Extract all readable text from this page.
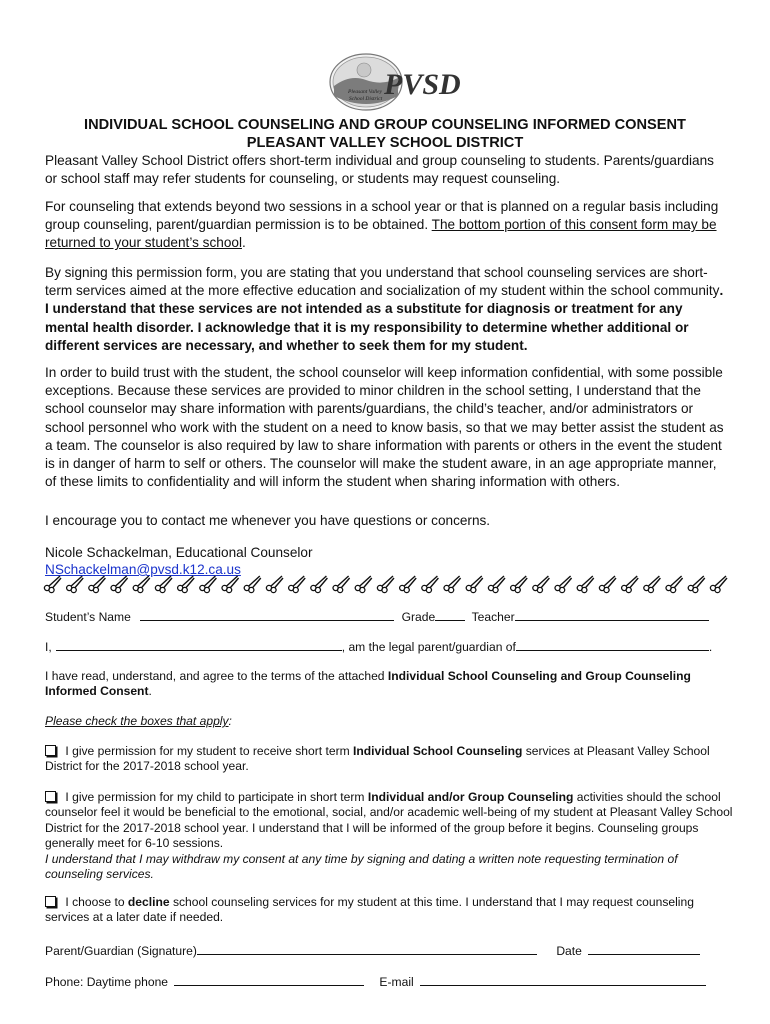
Pleasant Valley
School District PVSD
INDIVIDUAL SCHOOL COUNSELING AND GROUP COUNSELING INFORMED CONSENT
PLEASANT VALLEY SCHOOL DISTRICT
Pleasant Valley School District offers short-term individual and group counseling to students. Parents/guardians or school staff may refer students for counseling, or students may request counseling.
For counseling that extends beyond two sessions in a school year or that is planned on a regular basis including group counseling, parent/guardian permission is to be obtained. The bottom portion of this consent form may be returned to your student’s school.
By signing this permission form, you are stating that you understand that school counseling services are short-term services aimed at the more effective education and socialization of my student within the school community. I understand that these services are not intended as a substitute for diagnosis or treatment for any mental health disorder. I acknowledge that it is my responsibility to determine whether additional or different services are necessary, and whether to seek them for my student.
In order to build trust with the student, the school counselor will keep information confidential, with some possible exceptions. Because these services are provided to minor children in the school setting, I understand that the school counselor may share information with parents/guardians, the child’s teacher, and/or administrators or school personnel who work with the student on a need to know basis, so that we may better assist the student as a team. The counselor is also required by law to share information with parents or others in the event the student is in danger of harm to self or others. The counselor will make the student aware, in an age appropriate manner, of these limits to confidentiality and will inform the student when sharing information with others.
I encourage you to contact me whenever you have questions or concerns.
Nicole Schackelman, Educational Counselor
NSchackelman@pvsd.k12.ca.us
Student’s Name	Grade	Teacher
I,	, am the legal parent/guardian of	.
I have read, understand, and agree to the terms of the attached Individual School Counseling and Group Counseling Informed Consent.
Please check the boxes that apply:
I give permission for my student to receive short term Individual School Counseling services at Pleasant Valley School District for the 2017-2018 school year.
I give permission for my child to participate in short term Individual and/or Group Counseling activities should the school counselor feel it would be beneficial to the emotional, social, and/or academic well-being of my student at Pleasant Valley School District for the 2017-2018 school year. I understand that I will be informed of the group before it begins. Counseling groups generally meet for 6-10 sessions.
I understand that I may withdraw my consent at any time by signing and dating a written note requesting termination of counseling services.
I choose to decline school counseling services for my student at this time. I understand that I may request counseling services at a later date if needed.
Parent/Guardian (Signature)	Date
Phone: Daytime phone	E-mail
